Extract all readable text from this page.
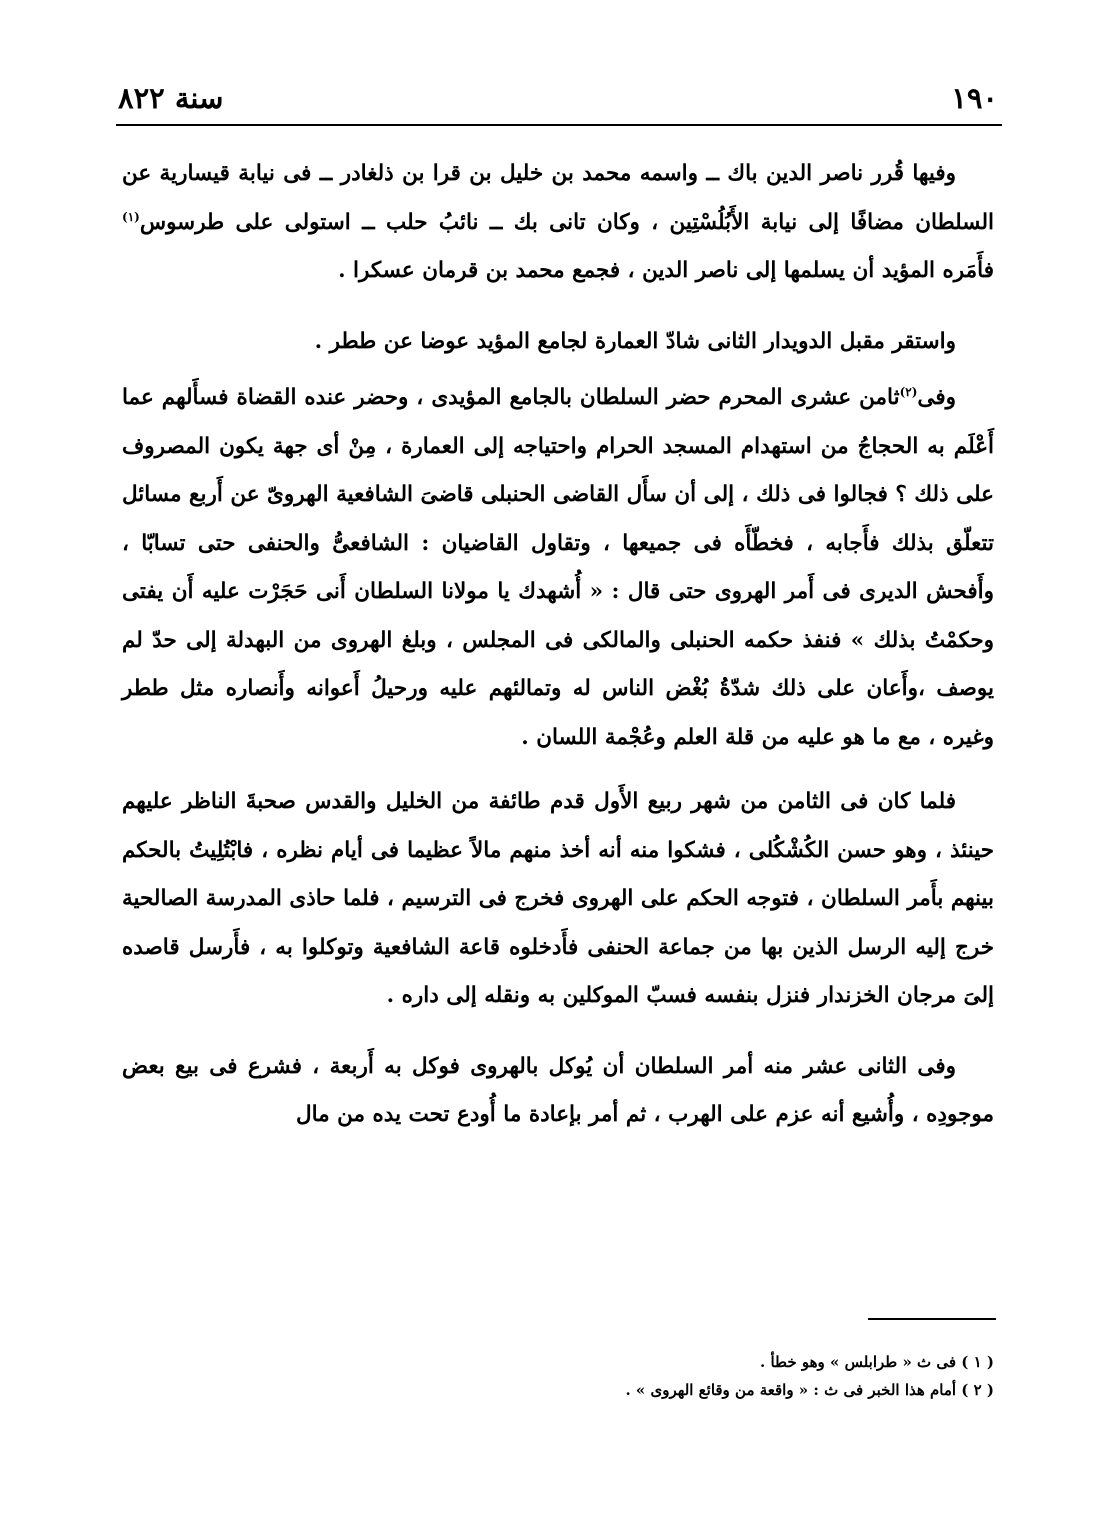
١٩٠
سنة ٨٢٢

وفيها قُرر ناصر الدين باك ــ واسمه محمد بن خليل بن قرا بن ذلغادر ــ فى نيابة قيسارية عن السلطان مضافًا إلى نيابة الأَبُلُسْتِين ، وكان تانى بك ــ نائبُ حلب ــ استولى على طرسوس$^{(١)}$ فأَمَره المؤيد أن يسلمها إلى ناصر الدين ، فجمع محمد بن قرمان عسكرا .

واستقر مقبل الدويدار الثانى شادّ العمارة لجامع المؤيد عوضا عن ططر .

وفى$^{(٢)}$ثامن عشرى المحرم حضر السلطان بالجامع المؤيدى ، وحضر عنده القضاة فسأَلهم عما أَعْلَم به الحجاجُ من استهدام المسجد الحرام واحتياجه إلى العمارة ، مِنْ أى جهة يكون المصروف على ذلك ؟ فجالوا فى ذلك ، إلى أن سأَل القاضى الحنبلى قاضىَ الشافعية الهروىّ عن أَربع مسائل تتعلّق بذلك فأَجابه ، فخطّأَه فى جميعها ، وتقاول القاضيان : الشافعىُّ والحنفى حتى تسابّا ، وأَفحش الديرى فى أَمر الهروى حتى قال : « أُشهدك يا مولانا السلطان أَنى حَجَرْت عليه أَن يفتى وحكمْتُ بذلك » فنفذ حكمه الحنبلى والمالكى فى المجلس ، وبلغ الهروى من البهدلة إلى حدّ لم يوصف ،وأَعان على ذلك شدّةُ بُغْض الناس له وتمالئهم عليه ورحيلُ أَعوانه وأَنصاره مثل ططر وغيره ، مع ما هو عليه من قلة العلم وعُجْمة اللسان .

فلما كان فى الثامن من شهر ربيع الأَول قدم طائفة من الخليل والقدس صحبةَ الناظر عليهم حينئذ ، وهو حسن الكُشْكُلى ، فشكوا منه أنه أخذ منهم مالاً عظيما فى أيام نظره ، فابْتُلِيتُ بالحكم بينهم بأَمر السلطان ، فتوجه الحكم على الهروى فخرج فى الترسيم ، فلما حاذى المدرسة الصالحية خرج إليه الرسل الذين بها من جماعة الحنفى فأَدخلوه قاعة الشافعية وتوكلوا به ، فأَرسل قاصده إلىَ مرجان الخزندار فنزل بنفسه فسبّ الموكلين به ونقله إلى داره .

وفى الثانى عشر منه أمر السلطان أن يُوكل بالهروى فوكل به أَربعة ، فشرع فى بيع بعض موجودِه ، وأُشيع أنه عزم على الهرب ، ثم أمر بإعادة ما أُودع تحت يده من مال

( ١ ) فى ث « طرابلس » وهو خطأ .

( ٢ ) أمام هذا الخبر فى ث : « واقعة من وقائع الهروى » .
